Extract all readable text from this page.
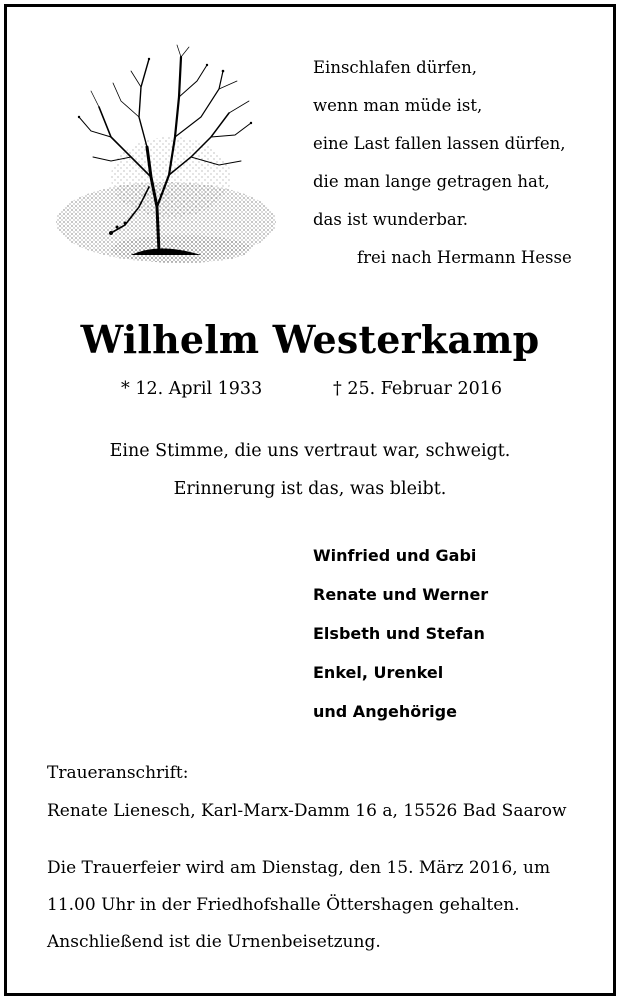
Einschlafen dürfen,
wenn man müde ist,
eine Last fallen lassen dürfen,
die man lange getragen hat,
das ist wunderbar.
frei nach Hermann Hesse
Wilhelm Westerkamp
* 12. April 1933	† 25. Februar 2016
Eine Stimme, die uns vertraut war, schweigt.
Erinnerung ist das, was bleibt.
Winfried und Gabi
Renate und Werner
Elsbeth und Stefan
Enkel, Urenkel
und Angehörige
Traueranschrift:
Renate Lienesch, Karl-Marx-Damm 16 a, 15526 Bad Saarow
Die Trauerfeier wird am Dienstag, den 15. März 2016, um
11.00 Uhr in der Friedhofshalle Öttershagen gehalten.
Anschließend ist die Urnenbeisetzung.
